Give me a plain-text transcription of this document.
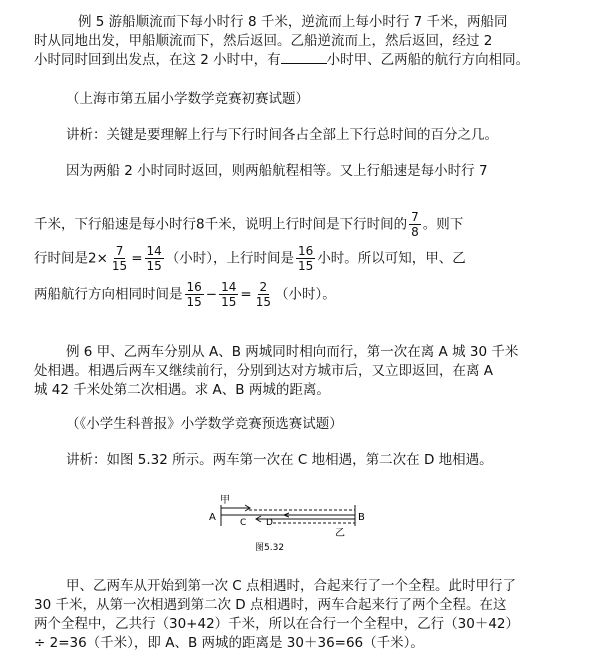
例 5 游船顺流而下每小时行 8 千米，逆流而上每小时行 7 千米，两船同
时从同地出发，甲船顺流而下，然后返回。乙船逆流而上，然后返回，经过 2
小时同时回到出发点，在这 2 小时中，有	小时甲、乙两船的航行方向相同。
（上海市第五届小学数学竞赛初赛试题）
讲析：关键是要理解上行与下行时间各占全部上下行总时间的百分之几。
因为两船 2 小时同时返回，则两船航程相等。又上行船速是每小时行 7
千米，下行船速是每小时行8千米，说明上行时间是下行时间的 $\frac{7}{8}$ 。则下
行时间是$2\times \frac{7}{15} = \frac{14}{15}$ （小时），上行时间是 $\frac{16}{15}$ 小时。所以可知，甲、乙
两船航行方向相同时间是 $\frac{16}{15} - \frac{14}{15} = \frac{2}{15}$ （小时）。
例 6 甲、乙两车分别从 A、B 两城同时相向而行，第一次在离 A 城 30 千米
处相遇。相遇后两车又继续前行，分别到达对方城市后，又立即返回，在离 A
城 42 千米处第二次相遇。求 A、B 两城的距离。
（《小学生科普报》小学数学竞赛预选赛试题）
讲析：如图 5.32 所示。两车第一次在 C 地相遇，第二次在 D 地相遇。
甲
A	B
C D
乙
图5.32
甲、乙两车从开始到第一次 C 点相遇时，合起来行了一个全程。此时甲行了
30 千米，从第一次相遇到第二次 D 点相遇时，两车合起来行了两个全程。在这
两个全程中，乙共行（30+42）千米，所以在合行一个全程中，乙行（30＋42）
÷ 2=36（千米），即 A、B 两城的距离是 30＋36=66（千米）。
